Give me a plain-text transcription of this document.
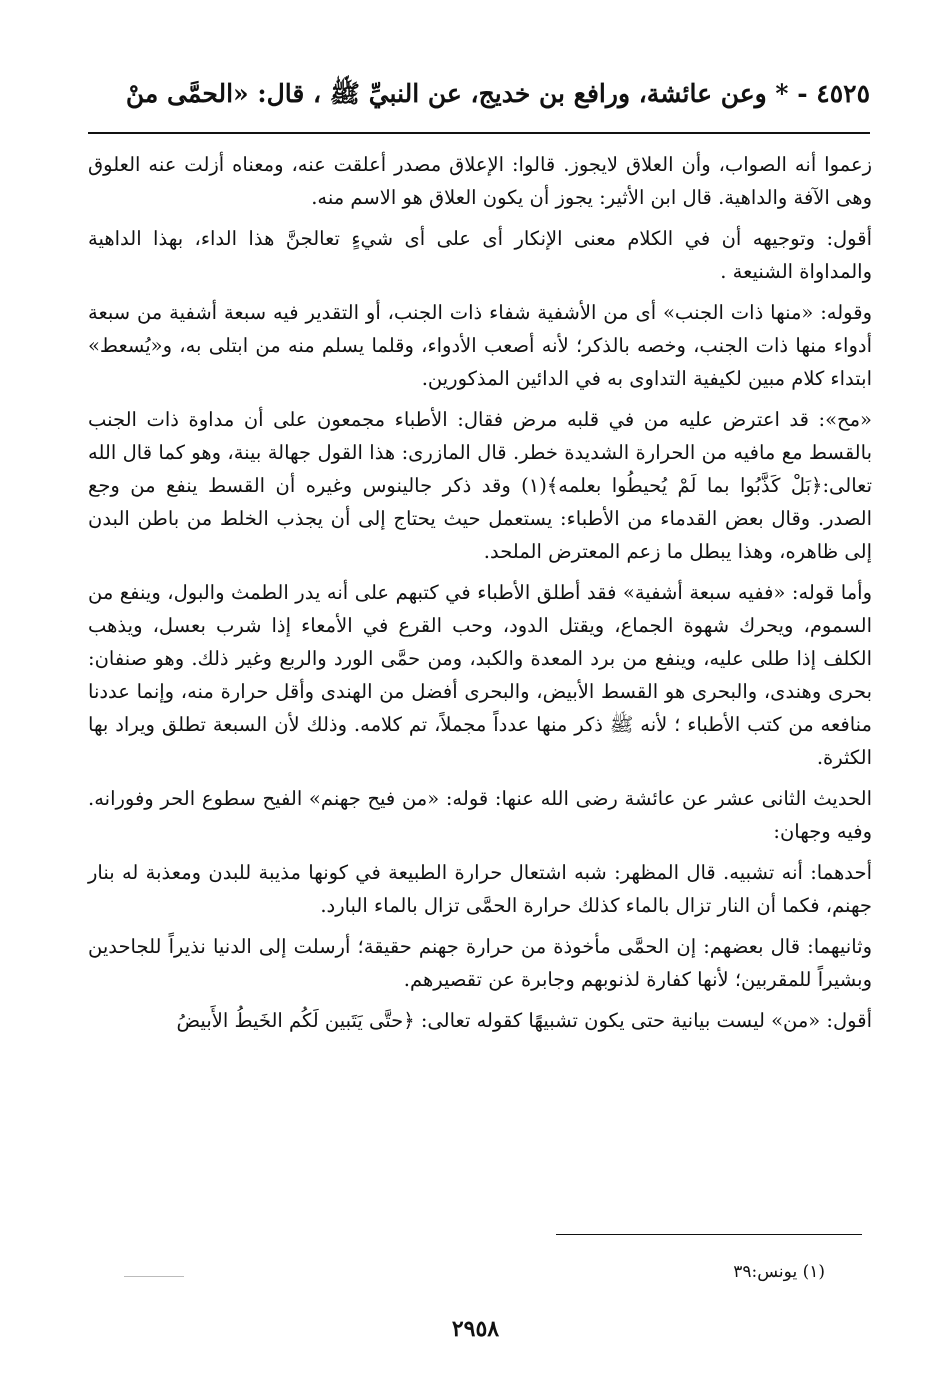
٤٥٢٥ - * وعن عائشة، ورافع بن خديج، عن النبيِّ ﷺ ، قال: «الحمَّى منْ

زعموا أنه الصواب، وأن العلاق لايجوز. قالوا: الإعلاق مصدر أعلقت عنه، ومعناه أزلت عنه العلوق وهى الآفة والداهية. قال ابن الأثير: يجوز أن يكون العلاق هو الاسم منه.

أقول: وتوجيهه أن في الكلام معنى الإنكار أى على أى شيءٍ تعالجنَّ هذا الداء، بهذا الداهية والمداواة الشنيعة .

وقوله: «منها ذات الجنب» أى من الأشفية شفاء ذات الجنب، أو التقدير فيه سبعة أشفية من سبعة أدواء منها ذات الجنب، وخصه بالذكر؛ لأنه أصعب الأدواء، وقلما يسلم منه من ابتلى به، و«يُسعط» ابتداء كلام مبين لكيفية التداوى به في الدائين المذكورين.

«مح»: قد اعترض عليه من في قلبه مرض فقال: الأطباء مجمعون على أن مداوة ذات الجنب بالقسط مع مافيه من الحرارة الشديدة خطر. قال المازرى: هذا القول جهالة بينة، وهو كما قال الله تعالى:﴿بَلْ كَذَّبُوا بما لَمْ يُحيطُوا بعلمه﴾(١) وقد ذكر جالينوس وغيره أن القسط ينفع من وجع الصدر. وقال بعض القدماء من الأطباء: يستعمل حيث يحتاج إلى أن يجذب الخلط من باطن البدن إلى ظاهره، وهذا يبطل ما زعم المعترض الملحد.

وأما قوله: «ففيه سبعة أشفية» فقد أطلق الأطباء في كتبهم على أنه يدر الطمث والبول، وينفع من السموم، ويحرك شهوة الجماع، ويقتل الدود، وحب القرع في الأمعاء إذا شرب بعسل، ويذهب الكلف إذا طلى عليه، وينفع من برد المعدة والكبد، ومن حمَّى الورد والربع وغير ذلك. وهو صنفان: بحرى وهندى، والبحرى هو القسط الأبيض، والبحرى أفضل من الهندى وأقل حرارة منه، وإنما عددنا منافعه من كتب الأطباء ؛ لأنه ﷺ ذكر منها عدداً مجملاً، تم كلامه. وذلك لأن السبعة تطلق ويراد بها الكثرة.

الحديث الثانى عشر عن عائشة رضى الله عنها: قوله: «من فيح جهنم» الفيح سطوع الحر وفورانه. وفيه وجهان:

أحدهما: أنه تشبيه. قال المظهر: شبه اشتعال حرارة الطبيعة في كونها مذيبة للبدن ومعذبة له بنار جهنم، فكما أن النار تزال بالماء كذلك حرارة الحمَّى تزال بالماء البارد.

وثانيهما: قال بعضهم: إن الحمَّى مأخوذة من حرارة جهنم حقيقة؛ أرسلت إلى الدنيا نذيراً للجاحدين وبشيراً للمقربين؛ لأنها كفارة لذنوبهم وجابرة عن تقصيرهم.

أقول: «من» ليست بيانية حتى يكون تشبيهًا كقوله تعالى: ﴿حتَّى يَتَبين لَكُم الخَيطُ الأَبيضُ

(١) يونس:٣٩
٢٩٥٨
